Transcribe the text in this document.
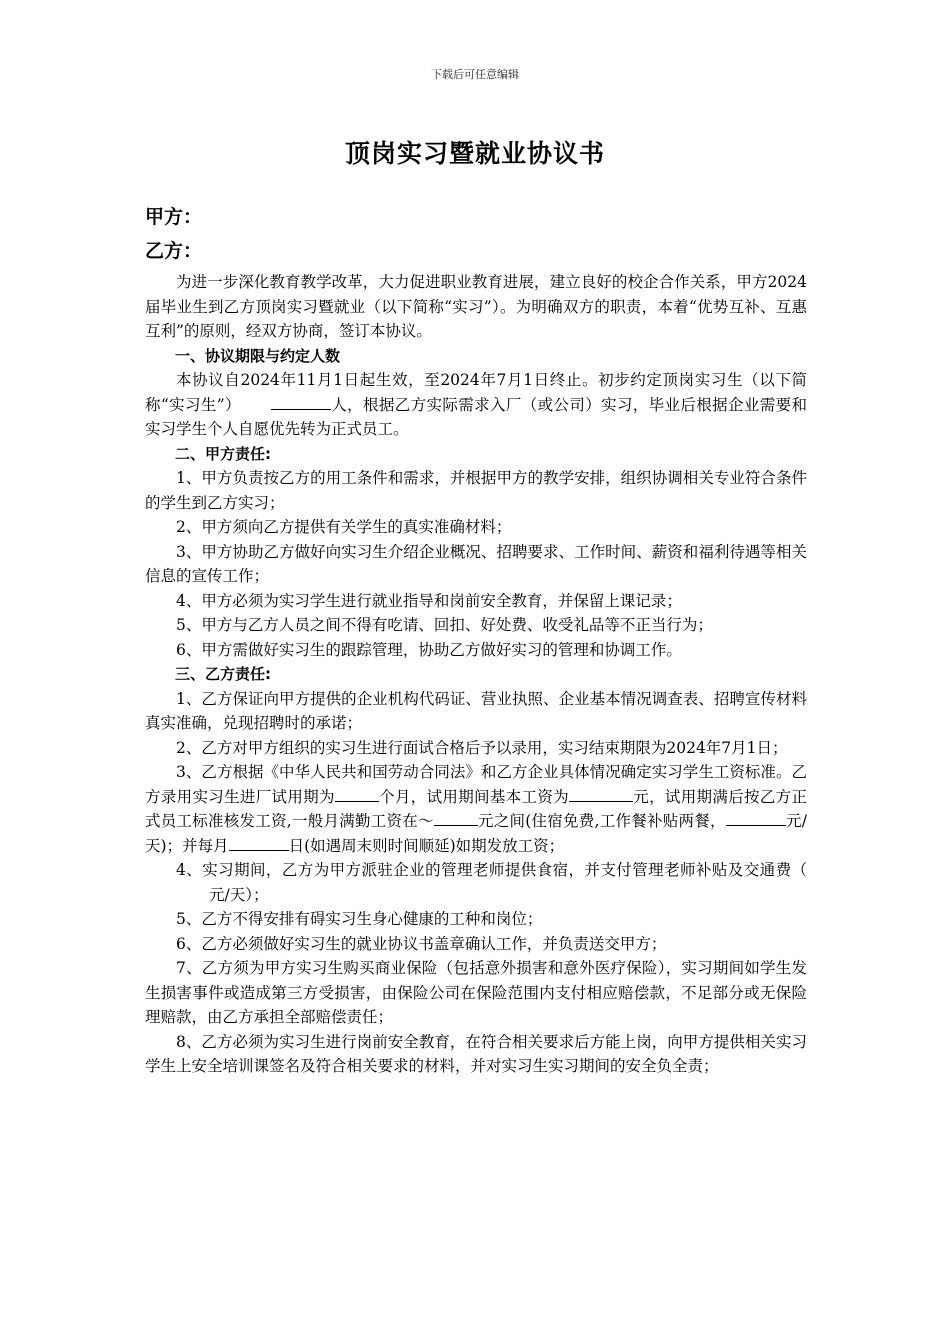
下载后可任意编辑
顶岗实习暨就业协议书
甲方：
乙方：

为进一步深化教育教学改革，大力促进职业教育进展，建立良好的校企合作关系，甲方2024届毕业生到乙方顶岗实习暨就业（以下简称“实习”）。为明确双方的职责，本着“优势互补、互惠互利”的原则，经双方协商，签订本协议。

一、协议期限与约定人数

本协议自2024年11月1日起生效，至2024年7月1日终止。初步约定顶岗实习生（以下简称“实习生”）	人，根据乙方实际需求入厂（或公司）实习，毕业后根据企业需要和实习学生个人自愿优先转为正式员工。

二、甲方责任:

1、甲方负责按乙方的用工条件和需求，并根据甲方的教学安排，组织协调相关专业符合条件的学生到乙方实习；

2、甲方须向乙方提供有关学生的真实准确材料；

3、甲方协助乙方做好向实习生介绍企业概况、招聘要求、工作时间、薪资和福利待遇等相关信息的宣传工作；

4、甲方必须为实习学生进行就业指导和岗前安全教育，并保留上课记录；

5、甲方与乙方人员之间不得有吃请、回扣、好处费、收受礼品等不正当行为；

6、甲方需做好实习生的跟踪管理，协助乙方做好实习的管理和协调工作。

三、乙方责任:

1、乙方保证向甲方提供的企业机构代码证、营业执照、企业基本情况调查表、招聘宣传材料真实准确，兑现招聘时的承诺；

2、乙方对甲方组织的实习生进行面试合格后予以录用，实习结束期限为2024年7月1日；

3、乙方根据《中华人民共和国劳动合同法》和乙方企业具体情况确定实习学生工资标准。乙方录用实习生进厂试用期为	个月，试用期间基本工资为	元，试用期满后按乙方正式员工标准核发工资,一般月满勤工资在～	元之间(住宿免费,工作餐补贴两餐，	元/天)；并每月	日(如遇周末则时间顺延)如期发放工资；

4、实习期间，乙方为甲方派驻企业的管理老师提供食宿，并支付管理老师补贴及交通费（元/天）；

5、乙方不得安排有碍实习生身心健康的工种和岗位；

6、乙方必须做好实习生的就业协议书盖章确认工作，并负责送交甲方；

7、乙方须为甲方实习生购买商业保险（包括意外损害和意外医疗保险），实习期间如学生发生损害事件或造成第三方受损害，由保险公司在保险范围内支付相应赔偿款，不足部分或无保险理赔款，由乙方承担全部赔偿责任；

8、乙方必须为实习生进行岗前安全教育，在符合相关要求后方能上岗，向甲方提供相关实习学生上安全培训课签名及符合相关要求的材料，并对实习生实习期间的安全负全责；
